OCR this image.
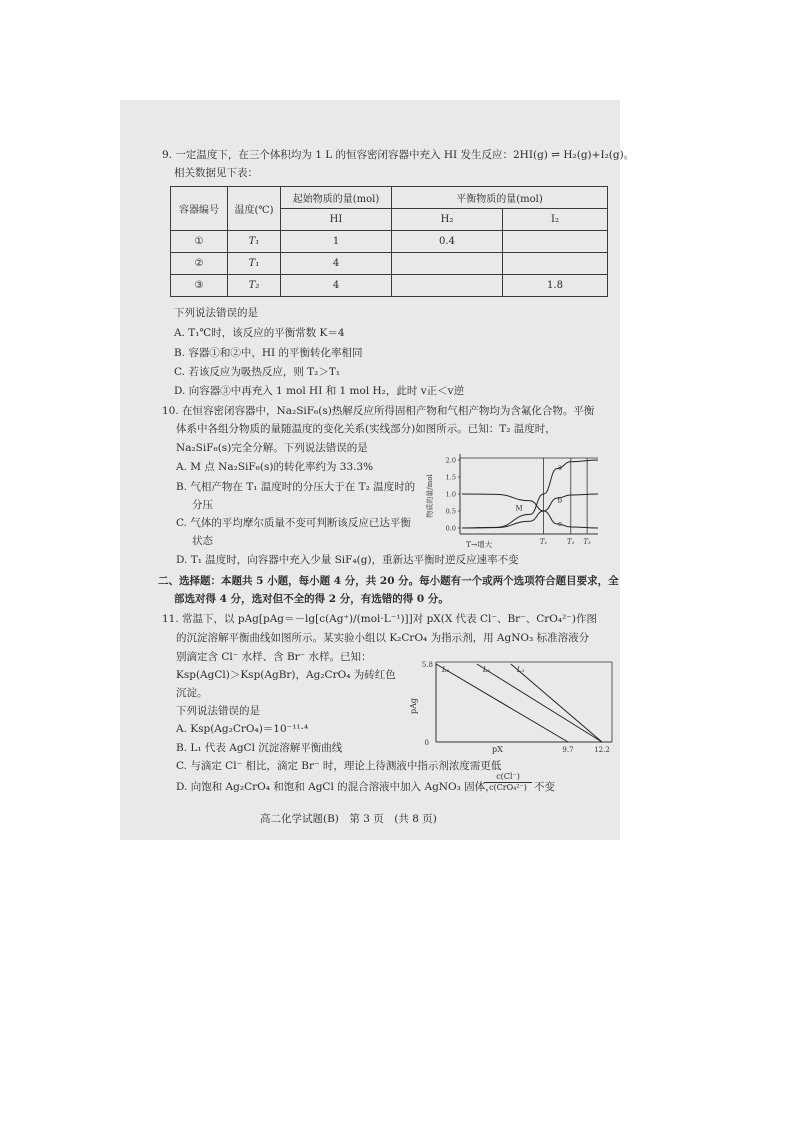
9. 一定温度下，在三个体积均为 1 L 的恒容密闭容器中充入 HI 发生反应：2HI(g) ⇌ H₂(g)+I₂(g)。
相关数据见下表：
容器编号	温度(℃)	起始物质的量(mol)	平衡物质的量(mol)	
		HI	H₂	I₂
①	T₁	1	0.4	
②	T₁	4		
③	T₂	4		1.8
下列说法错误的是
A. T₁℃时，该反应的平衡常数 K＝4
B. 容器①和②中，HI 的平衡转化率相同
C. 若该反应为吸热反应，则 T₂＞T₁
D. 向容器③中再充入 1 mol HI 和 1 mol H₂，此时 v正＜v逆
10. 在恒容密闭容器中，Na₂SiF₆(s)热解反应所得固相产物和气相产物均为含氟化合物。平衡
体系中各组分物质的量随温度的变化关系(实线部分)如图所示。已知：T₂ 温度时，
Na₂SiF₆(s)完全分解。下列说法错误的是
A. M 点 Na₂SiF₆(s)的转化率约为 33.3%
B. 气相产物在 T₁ 温度时的分压大于在 T₂ 温度时的
分压
C. 气体的平均摩尔质量不变可判断该反应已达平衡
状态
D. T₁ 温度时，向容器中充入少量 SiF₄(g)，重新达平衡时逆反应速率不变
物质的量/mol
0.0
0.5
1.0
1.5
2.0
a
b
c
M
T→增大	T₁	T₂ T₃
二、选择题：本题共 5 小题，每小题 4 分，共 20 分。每小题有一个或两个选项符合题目要求，全
部选对得 4 分，选对但不全的得 2 分，有选错的得 0 分。
11. 常温下，以 pAg[pAg＝－lg[c(Ag⁺)/(mol·L⁻¹)]]对 pX(X 代表 Cl⁻、Br⁻、CrO₄²⁻)作图
的沉淀溶解平衡曲线如图所示。某实验小组以 K₂CrO₄ 为指示剂，用 AgNO₃ 标准溶液分
别滴定含 Cl⁻ 水样、含 Br⁻ 水样。已知：
Ksp(AgCl)＞Ksp(AgBr)，Ag₂CrO₄ 为砖红色
沉淀。
下列说法错误的是
A. Ksp(Ag₂CrO₄)＝10⁻¹¹·⁴
B. L₁ 代表 AgCl 沉淀溶解平衡曲线
C. 与滴定 Cl⁻ 相比，滴定 Br⁻ 时，理论上待测液中指示剂浓度需更低
D. 向饱和 Ag₂CrO₄ 和饱和 AgCl 的混合溶液中加入 AgNO₃ 固体，
c(Cl⁻)
c(CrO₄²⁻) 不变
pAg
5.8
0
pX
L₁	L₂	L₃
9.7	12.2
高二化学试题(B)　第 3 页　(共 8 页)
